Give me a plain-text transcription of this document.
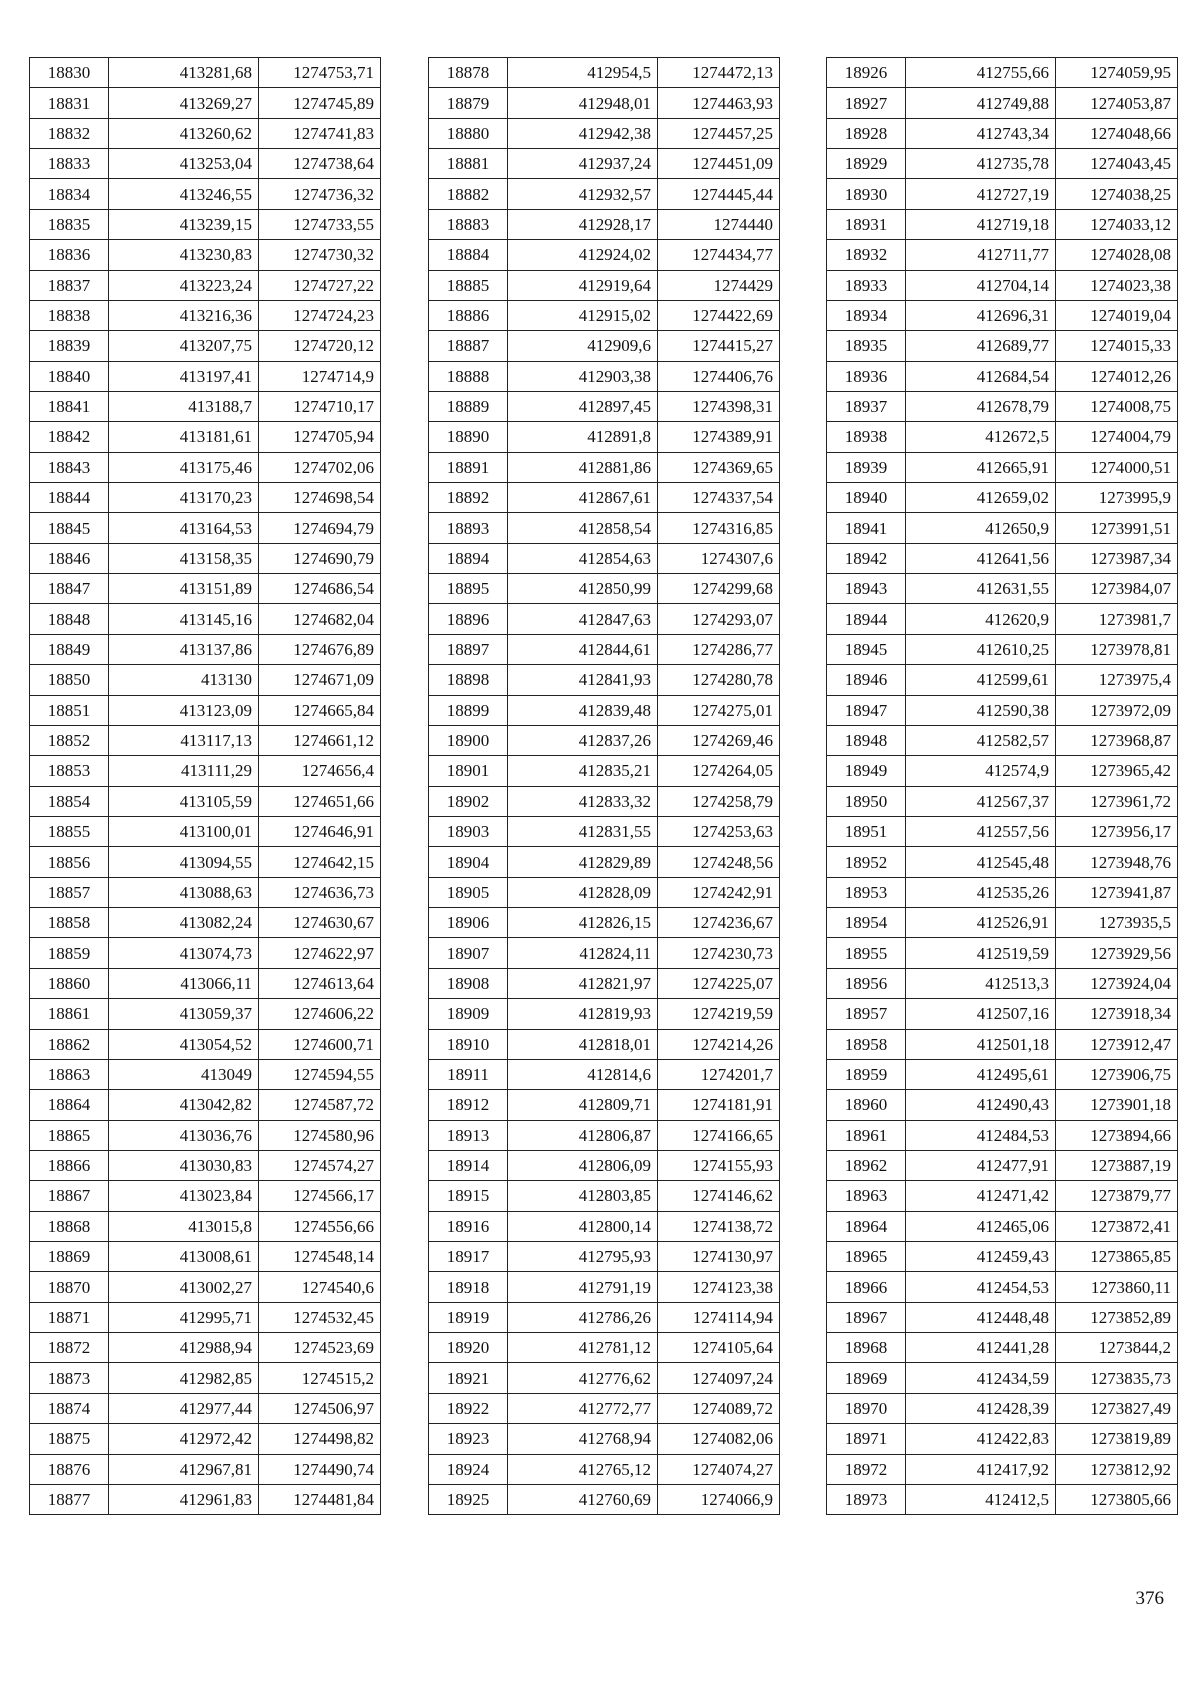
18830	413281,68	1274753,71
18831	413269,27	1274745,89
18832	413260,62	1274741,83
18833	413253,04	1274738,64
18834	413246,55	1274736,32
18835	413239,15	1274733,55
18836	413230,83	1274730,32
18837	413223,24	1274727,22
18838	413216,36	1274724,23
18839	413207,75	1274720,12
18840	413197,41	1274714,9
18841	413188,7	1274710,17
18842	413181,61	1274705,94
18843	413175,46	1274702,06
18844	413170,23	1274698,54
18845	413164,53	1274694,79
18846	413158,35	1274690,79
18847	413151,89	1274686,54
18848	413145,16	1274682,04
18849	413137,86	1274676,89
18850	413130	1274671,09
18851	413123,09	1274665,84
18852	413117,13	1274661,12
18853	413111,29	1274656,4
18854	413105,59	1274651,66
18855	413100,01	1274646,91
18856	413094,55	1274642,15
18857	413088,63	1274636,73
18858	413082,24	1274630,67
18859	413074,73	1274622,97
18860	413066,11	1274613,64
18861	413059,37	1274606,22
18862	413054,52	1274600,71
18863	413049	1274594,55
18864	413042,82	1274587,72
18865	413036,76	1274580,96
18866	413030,83	1274574,27
18867	413023,84	1274566,17
18868	413015,8	1274556,66
18869	413008,61	1274548,14
18870	413002,27	1274540,6
18871	412995,71	1274532,45
18872	412988,94	1274523,69
18873	412982,85	1274515,2
18874	412977,44	1274506,97
18875	412972,42	1274498,82
18876	412967,81	1274490,74
18877	412961,83	1274481,84
18878	412954,5	1274472,13
18879	412948,01	1274463,93
18880	412942,38	1274457,25
18881	412937,24	1274451,09
18882	412932,57	1274445,44
18883	412928,17	1274440
18884	412924,02	1274434,77
18885	412919,64	1274429
18886	412915,02	1274422,69
18887	412909,6	1274415,27
18888	412903,38	1274406,76
18889	412897,45	1274398,31
18890	412891,8	1274389,91
18891	412881,86	1274369,65
18892	412867,61	1274337,54
18893	412858,54	1274316,85
18894	412854,63	1274307,6
18895	412850,99	1274299,68
18896	412847,63	1274293,07
18897	412844,61	1274286,77
18898	412841,93	1274280,78
18899	412839,48	1274275,01
18900	412837,26	1274269,46
18901	412835,21	1274264,05
18902	412833,32	1274258,79
18903	412831,55	1274253,63
18904	412829,89	1274248,56
18905	412828,09	1274242,91
18906	412826,15	1274236,67
18907	412824,11	1274230,73
18908	412821,97	1274225,07
18909	412819,93	1274219,59
18910	412818,01	1274214,26
18911	412814,6	1274201,7
18912	412809,71	1274181,91
18913	412806,87	1274166,65
18914	412806,09	1274155,93
18915	412803,85	1274146,62
18916	412800,14	1274138,72
18917	412795,93	1274130,97
18918	412791,19	1274123,38
18919	412786,26	1274114,94
18920	412781,12	1274105,64
18921	412776,62	1274097,24
18922	412772,77	1274089,72
18923	412768,94	1274082,06
18924	412765,12	1274074,27
18925	412760,69	1274066,9
18926	412755,66	1274059,95
18927	412749,88	1274053,87
18928	412743,34	1274048,66
18929	412735,78	1274043,45
18930	412727,19	1274038,25
18931	412719,18	1274033,12
18932	412711,77	1274028,08
18933	412704,14	1274023,38
18934	412696,31	1274019,04
18935	412689,77	1274015,33
18936	412684,54	1274012,26
18937	412678,79	1274008,75
18938	412672,5	1274004,79
18939	412665,91	1274000,51
18940	412659,02	1273995,9
18941	412650,9	1273991,51
18942	412641,56	1273987,34
18943	412631,55	1273984,07
18944	412620,9	1273981,7
18945	412610,25	1273978,81
18946	412599,61	1273975,4
18947	412590,38	1273972,09
18948	412582,57	1273968,87
18949	412574,9	1273965,42
18950	412567,37	1273961,72
18951	412557,56	1273956,17
18952	412545,48	1273948,76
18953	412535,26	1273941,87
18954	412526,91	1273935,5
18955	412519,59	1273929,56
18956	412513,3	1273924,04
18957	412507,16	1273918,34
18958	412501,18	1273912,47
18959	412495,61	1273906,75
18960	412490,43	1273901,18
18961	412484,53	1273894,66
18962	412477,91	1273887,19
18963	412471,42	1273879,77
18964	412465,06	1273872,41
18965	412459,43	1273865,85
18966	412454,53	1273860,11
18967	412448,48	1273852,89
18968	412441,28	1273844,2
18969	412434,59	1273835,73
18970	412428,39	1273827,49
18971	412422,83	1273819,89
18972	412417,92	1273812,92
18973	412412,5	1273805,66
376
